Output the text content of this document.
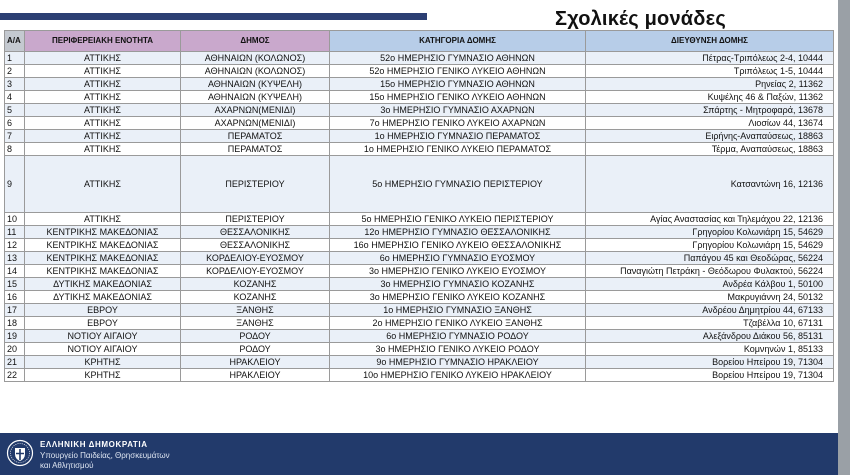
Σχολικές μονάδες
Α/Α	ΠΕΡΙΦΕΡΕΙΑΚΗ ΕΝΟΤΗΤΑ	ΔΗΜΟΣ	ΚΑΤΗΓΟΡΙΑ ΔΟΜΗΣ	ΔΙΕΥΘΥΝΣΗ ΔΟΜΗΣ
1	ΑΤΤΙΚΗΣ	ΑΘΗΝΑΙΩΝ (ΚΟΛΩΝΟΣ)	52ο ΗΜΕΡΗΣΙΟ ΓΥΜΝΑΣΙΟ ΑΘΗΝΩΝ	Πέτρας-Τριπόλεως 2-4, 10444
2	ΑΤΤΙΚΗΣ	ΑΘΗΝΑΙΩΝ (ΚΟΛΩΝΟΣ)	52ο ΗΜΕΡΗΣΙΟ ΓΕΝΙΚΟ ΛΥΚΕΙΟ ΑΘΗΝΩΝ	Τριπόλεως 1-5, 10444
3	ΑΤΤΙΚΗΣ	ΑΘΗΝΑΙΩΝ (ΚΥΨΕΛΗ)	15ο ΗΜΕΡΗΣΙΟ ΓΥΜΝΑΣΙΟ ΑΘΗΝΩΝ	Ρηνείας 2, 11362
4	ΑΤΤΙΚΗΣ	ΑΘΗΝΑΙΩΝ (ΚΥΨΕΛΗ)	15ο ΗΜΕΡΗΣΙΟ ΓΕΝΙΚΟ ΛΥΚΕΙΟ ΑΘΗΝΩΝ	Κυψέλης 46 & Παξών, 11362
5	ΑΤΤΙΚΗΣ	ΑΧΑΡΝΩΝ(ΜΕΝΙΔΙ)	3ο ΗΜΕΡΗΣΙΟ ΓΥΜΝΑΣΙΟ ΑΧΑΡΝΩΝ	Σπάρτης - Μητροφαρά, 13678
6	ΑΤΤΙΚΗΣ	ΑΧΑΡΝΩΝ(ΜΕΝΙΔΙ)	7ο ΗΜΕΡΗΣΙΟ ΓΕΝΙΚΟ ΛΥΚΕΙΟ ΑΧΑΡΝΩΝ	Λιοσίων 44, 13674
7	ΑΤΤΙΚΗΣ	ΠΕΡΑΜΑΤΟΣ	1ο ΗΜΕΡΗΣΙΟ ΓΥΜΝΑΣΙΟ ΠΕΡΑΜΑΤΟΣ	Ειρήνης-Αναπαύσεως, 18863
8	ΑΤΤΙΚΗΣ	ΠΕΡΑΜΑΤΟΣ	1ο ΗΜΕΡΗΣΙΟ ΓΕΝΙΚΟ ΛΥΚΕΙΟ ΠΕΡΑΜΑΤΟΣ	Τέρμα, Αναπαύσεως, 18863
9	ΑΤΤΙΚΗΣ	ΠΕΡΙΣΤΕΡΙΟΥ	5ο ΗΜΕΡΗΣΙΟ ΓΥΜΝΑΣΙΟ ΠΕΡΙΣΤΕΡΙΟΥ	Κατσαντώνη 16, 12136
10	ΑΤΤΙΚΗΣ	ΠΕΡΙΣΤΕΡΙΟΥ	5ο ΗΜΕΡΗΣΙΟ ΓΕΝΙΚΟ ΛΥΚΕΙΟ ΠΕΡΙΣΤΕΡΙΟΥ	Αγίας Αναστασίας και Τηλεμάχου 22, 12136
11	ΚΕΝΤΡΙΚΗΣ ΜΑΚΕΔΟΝΙΑΣ	ΘΕΣΣΑΛΟΝΙΚΗΣ	12ο ΗΜΕΡΗΣΙΟ ΓΥΜΝΑΣΙΟ ΘΕΣΣΑΛΟΝΙΚΗΣ	Γρηγορίου Κολωνιάρη 15, 54629
12	ΚΕΝΤΡΙΚΗΣ ΜΑΚΕΔΟΝΙΑΣ	ΘΕΣΣΑΛΟΝΙΚΗΣ	16ο ΗΜΕΡΗΣΙΟ ΓΕΝΙΚΟ ΛΥΚΕΙΟ ΘΕΣΣΑΛΟΝΙΚΗΣ	Γρηγορίου Κολωνιάρη 15, 54629
13	ΚΕΝΤΡΙΚΗΣ ΜΑΚΕΔΟΝΙΑΣ	ΚΟΡΔΕΛΙΟΥ-ΕΥΟΣΜΟΥ	6ο ΗΜΕΡΗΣΙΟ ΓΥΜΝΑΣΙΟ ΕΥΟΣΜΟΥ	Παπάγου 45 και Θεοδώρας, 56224
14	ΚΕΝΤΡΙΚΗΣ ΜΑΚΕΔΟΝΙΑΣ	ΚΟΡΔΕΛΙΟΥ-ΕΥΟΣΜΟΥ	3ο ΗΜΕΡΗΣΙΟ ΓΕΝΙΚΟ ΛΥΚΕΙΟ ΕΥΟΣΜΟΥ	Παναγιώτη Πετράκη - Θεόδωρου Φυλακτού, 56224
15	ΔΥΤΙΚΗΣ ΜΑΚΕΔΟΝΙΑΣ	ΚΟΖΑΝΗΣ	3ο ΗΜΕΡΗΣΙΟ ΓΥΜΝΑΣΙΟ ΚΟΖΑΝΗΣ	Ανδρέα Κάλβου 1, 50100
16	ΔΥΤΙΚΗΣ ΜΑΚΕΔΟΝΙΑΣ	ΚΟΖΑΝΗΣ	3ο ΗΜΕΡΗΣΙΟ ΓΕΝΙΚΟ ΛΥΚΕΙΟ ΚΟΖΑΝΗΣ	Μακρυγιάννη 24, 50132
17	ΕΒΡΟΥ	ΞΑΝΘΗΣ	1ο ΗΜΕΡΗΣΙΟ ΓΥΜΝΑΣΙΟ ΞΑΝΘΗΣ	Ανδρέου Δημητρίου 44, 67133
18	ΕΒΡΟΥ	ΞΑΝΘΗΣ	2ο ΗΜΕΡΗΣΙΟ ΓΕΝΙΚΟ ΛΥΚΕΙΟ ΞΑΝΘΗΣ	Τζαβέλλα 10, 67131
19	ΝΟΤΙΟΥ ΑΙΓΑΙΟΥ	ΡΟΔΟΥ	6ο ΗΜΕΡΗΣΙΟ ΓΥΜΝΑΣΙΟ ΡΟΔΟΥ	Αλεξάνδρου Διάκου 56, 85131
20	ΝΟΤΙΟΥ ΑΙΓΑΙΟΥ	ΡΟΔΟΥ	3ο ΗΜΕΡΗΣΙΟ ΓΕΝΙΚΟ ΛΥΚΕΙΟ ΡΟΔΟΥ	Κομνηνών 1, 85133
21	ΚΡΗΤΗΣ	ΗΡΑΚΛΕΙΟΥ	9ο ΗΜΕΡΗΣΙΟ ΓΥΜΝΑΣΙΟ ΗΡΑΚΛΕΙΟΥ	Βορείου Ηπείρου 19, 71304
22	ΚΡΗΤΗΣ	ΗΡΑΚΛΕΙΟΥ	10ο ΗΜΕΡΗΣΙΟ ΓΕΝΙΚΟ ΛΥΚΕΙΟ ΗΡΑΚΛΕΙΟΥ	Βορείου Ηπείρου 19, 71304
ΕΛΛΗΝΙΚΗ ΔΗΜΟΚΡΑΤΙΑ
Υπουργείο Παιδείας, Θρησκευμάτων
και Αθλητισμού
